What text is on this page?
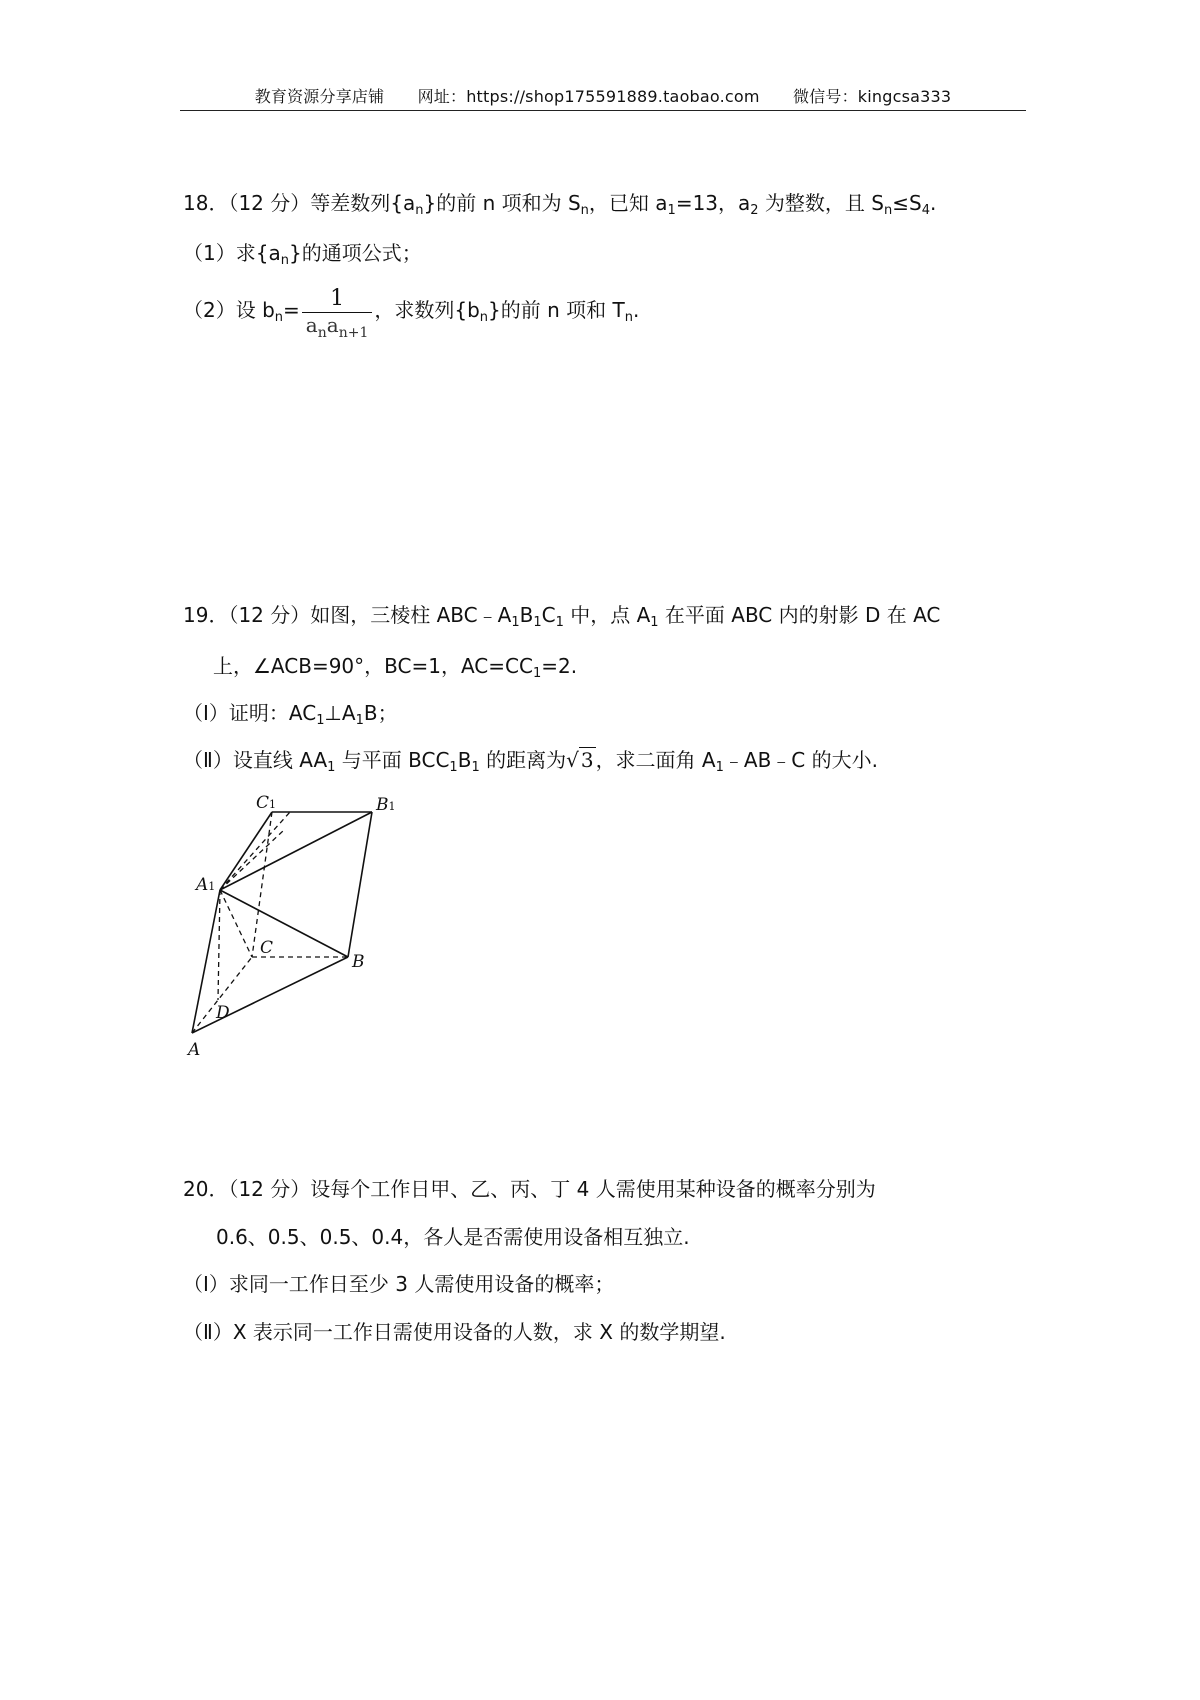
教育资源分享店铺 网址：https://shop175591889.taobao.com 微信号：kingcsa333
18．（12 分）等差数列$\{a_n\}$的前 n 项和为 $S_n$，已知 $a_1=13$，$a_2$ 为整数，且 $S_n\le S_4$.
（1）求$\{a_n\}$的通项公式；
（2）设 $b_n= \frac{1}{a_na_{n+1}}$ ，求数列$\{b_n\}$的前 n 项和 $T_n$.
19．（12 分）如图，三棱柱 $ABC﹣A_1B_1C_1$ 中，点 $A_1$ 在平面 ABC 内的射影 D 在 AC
上，∠ACB=90°，BC=1，$AC=CC_1=2$.
（Ⅰ）证明：$AC_1\perp A_1B$；
（Ⅱ）设直线 $AA_1$ 与平面 $BCC_1B_1$ 的距离为√ 3 ，求二面角 $A_1﹣AB﹣C$ 的大小.
C1	B1
A1
C
B
D
A
20．（12 分）设每个工作日甲、乙、丙、丁 4 人需使用某种设备的概率分别为
0.6、0.5、0.5、0.4，各人是否需使用设备相互独立.
（Ⅰ）求同一工作日至少 3 人需使用设备的概率；
（Ⅱ）X 表示同一工作日需使用设备的人数，求 X 的数学期望.
